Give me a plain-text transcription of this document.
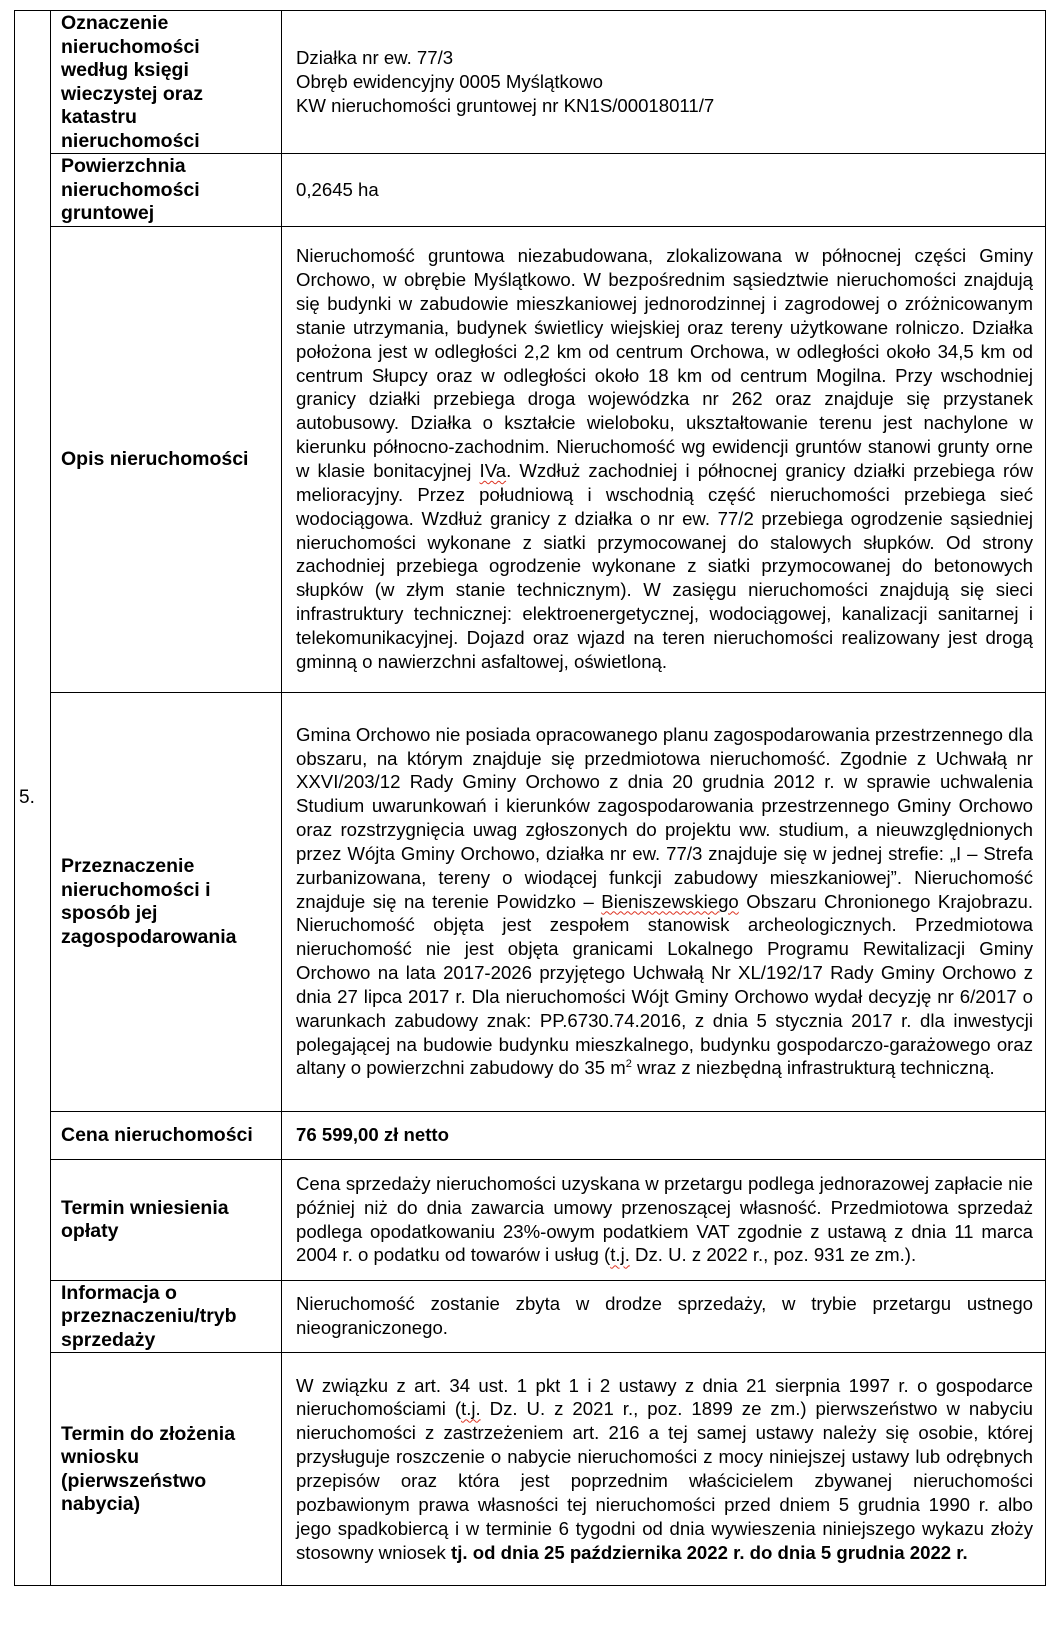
5.	Oznaczenie nieruchomości według księgi wieczystej oraz katastru nieruchomości	Działka nr ew. 77/3
Obręb ewidencyjny 0005 Myślątkowo
KW nieruchomości gruntowej nr KN1S/00018011/7

	Powierzchnia nieruchomości gruntowej	0,2645 ha
	Opis nieruchomości	Nieruchomość gruntowa niezabudowana, zlokalizowana w północnej części Gminy Orchowo, w obrębie Myślątkowo. W bezpośrednim sąsiedztwie nieruchomości znajdują się budynki w zabudowie mieszkaniowej jednorodzinnej i zagrodowej o zróżnicowanym stanie utrzymania, budynek świetlicy wiejskiej oraz tereny użytkowane rolniczo. Działka położona jest w odległości 2,2 km od centrum Orchowa, w odległości około 34,5 km od centrum Słupcy oraz w odległości około 18 km od centrum Mogilna. Przy wschodniej granicy działki przebiega droga wojewódzka nr 262 oraz znajduje się przystanek autobusowy. Działka o kształcie wieloboku, ukształtowanie terenu jest nachylone w kierunku północno-zachodnim. Nieruchomość wg ewidencji gruntów stanowi grunty orne w klasie bonitacyjnej IVa. Wzdłuż zachodniej i północnej granicy działki przebiega rów melioracyjny. Przez południową i wschodnią część nieruchomości przebiega sieć wodociągowa. Wzdłuż granicy z działka o nr ew. 77/2 przebiega ogrodzenie sąsiedniej nieruchomości wykonane z siatki przymocowanej do stalowych słupków. Od strony zachodniej przebiega ogrodzenie wykonane z siatki przymocowanej do betonowych słupków (w złym stanie technicznym). W zasięgu nieruchomości znajdują się sieci infrastruktury technicznej: elektroenergetycznej, wodociągowej, kanalizacji sanitarnej i telekomunikacyjnej. Dojazd oraz wjazd na teren nieruchomości realizowany jest drogą gminną o nawierzchni asfaltowej, oświetloną.
	Przeznaczenie nieruchomości i sposób jej zagospodarowania	Gmina Orchowo nie posiada opracowanego planu zagospodarowania przestrzennego dla obszaru, na którym znajduje się przedmiotowa nieruchomość. Zgodnie z Uchwałą nr XXVI/203/12 Rady Gminy Orchowo z dnia 20 grudnia 2012 r. w sprawie uchwalenia Studium uwarunkowań i kierunków zagospodarowania przestrzennego Gminy Orchowo oraz rozstrzygnięcia uwag zgłoszonych do projektu ww. studium, a nieuwzględnionych przez Wójta Gminy Orchowo, działka nr ew. 77/3 znajduje się w jednej strefie: „I – Strefa zurbanizowana, tereny o wiodącej funkcji zabudowy mieszkaniowej”. Nieruchomość znajduje się na terenie Powidzko – Bieniszewskiego Obszaru Chronionego Krajobrazu. Nieruchomość objęta jest zespołem stanowisk archeologicznych. Przedmiotowa nieruchomość nie jest objęta granicami Lokalnego Programu Rewitalizacji Gminy Orchowo na lata 2017-2026 przyjętego Uchwałą Nr XL/192/17 Rady Gminy Orchowo z dnia 27 lipca 2017 r. Dla nieruchomości Wójt Gminy Orchowo wydał decyzję nr 6/2017 o warunkach zabudowy znak: PP.6730.74.2016, z dnia 5 stycznia 2017 r. dla inwestycji polegającej na budowie budynku mieszkalnego, budynku gospodarczo-garażowego oraz altany o powierzchni zabudowy do 35 $m^2$ wraz z niezbędną infrastrukturą techniczną.
	Cena nieruchomości	76 599,00 zł netto
	Termin wniesienia opłaty	Cena sprzedaży nieruchomości uzyskana w przetargu podlega jednorazowej zapłacie nie później niż do dnia zawarcia umowy przenoszącej własność. Przedmiotowa sprzedaż podlega opodatkowaniu 23%-owym podatkiem VAT zgodnie z ustawą z dnia 11 marca 2004 r. o podatku od towarów i usług (t.j. Dz. U. z 2022 r., poz. 931 ze zm.).
	Informacja o przeznaczeniu/tryb sprzedaży	Nieruchomość zostanie zbyta w drodze sprzedaży, w trybie przetargu ustnego nieograniczonego.
	Termin do złożenia wniosku (pierwszeństwo nabycia)	W związku z art. 34 ust. 1 pkt 1 i 2 ustawy z dnia 21 sierpnia 1997 r. o gospodarce nieruchomościami (t.j. Dz. U. z 2021 r., poz. 1899 ze zm.) pierwszeństwo w nabyciu nieruchomości z zastrzeżeniem art. 216 a tej samej ustawy należy się osobie, której przysługuje roszczenie o nabycie nieruchomości z mocy niniejszej ustawy lub odrębnych przepisów oraz która jest poprzednim właścicielem zbywanej nieruchomości pozbawionym prawa własności tej nieruchomości przed dniem 5 grudnia 1990 r. albo jego spadkobiercą i w terminie 6 tygodni od dnia wywieszenia niniejszego wykazu złoży stosowny wniosek tj. od dnia 25 października 2022 r. do dnia 5 grudnia 2022 r.
